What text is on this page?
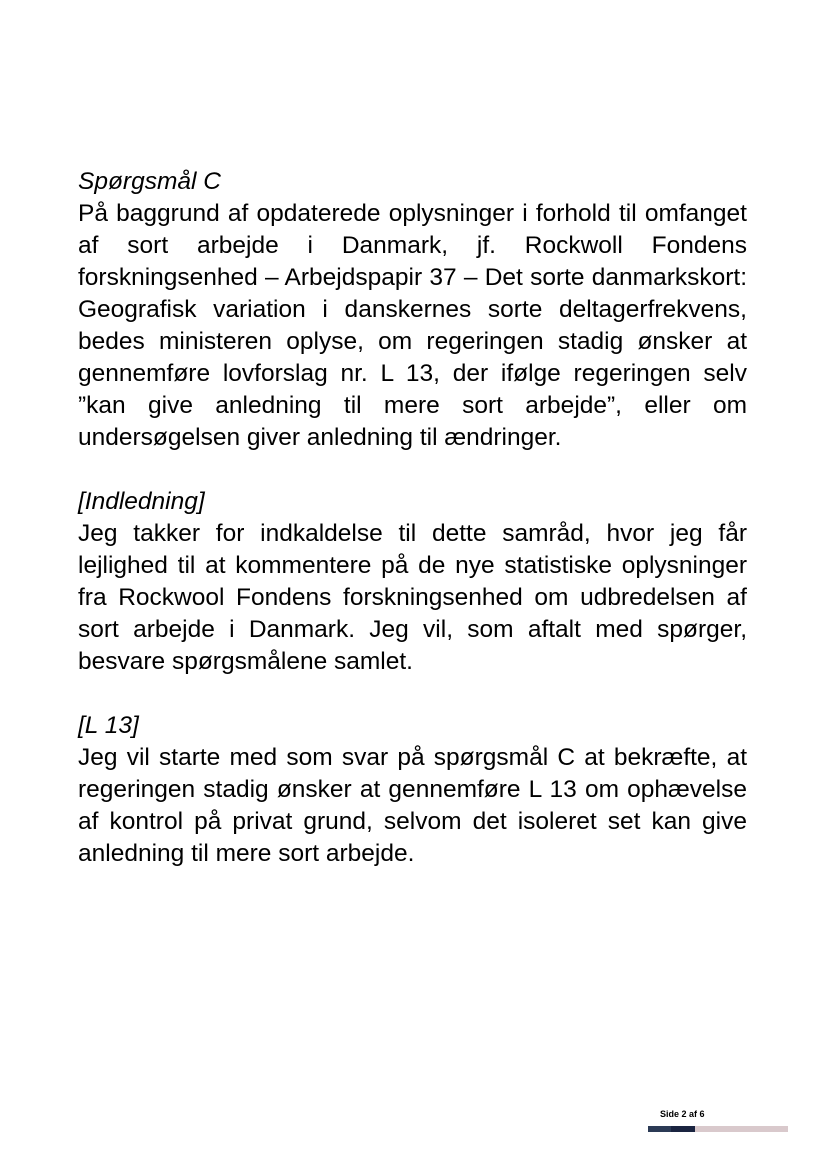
Spørgsmål C

På baggrund af opdaterede oplysninger i forhold til omfanget af sort arbejde i Danmark, jf. Rockwoll Fondens forskningsenhed – Arbejdspapir 37 – Det sorte danmarkskort: Geografisk variation i danskernes sorte deltagerfrekvens, bedes ministeren oplyse, om regeringen stadig ønsker at gennemføre lovforslag nr. L 13, der ifølge regeringen selv ”kan give anledning til mere sort arbejde”, eller om undersøgelsen giver anledning til ændringer.

[Indledning]

Jeg takker for indkaldelse til dette samråd, hvor jeg får lejlighed til at kommentere på de nye statistiske oplysninger fra Rockwool Fondens forskningsenhed om udbredelsen af sort arbejde i Danmark. Jeg vil, som aftalt med spørger, besvare spørgsmålene samlet.

[L 13]

Jeg vil starte med som svar på spørgsmål C at bekræfte, at regeringen stadig ønsker at gennemføre L 13 om ophævelse af kontrol på privat grund, selvom det isoleret set kan give anledning til mere sort arbejde.

Side 2 af 6
